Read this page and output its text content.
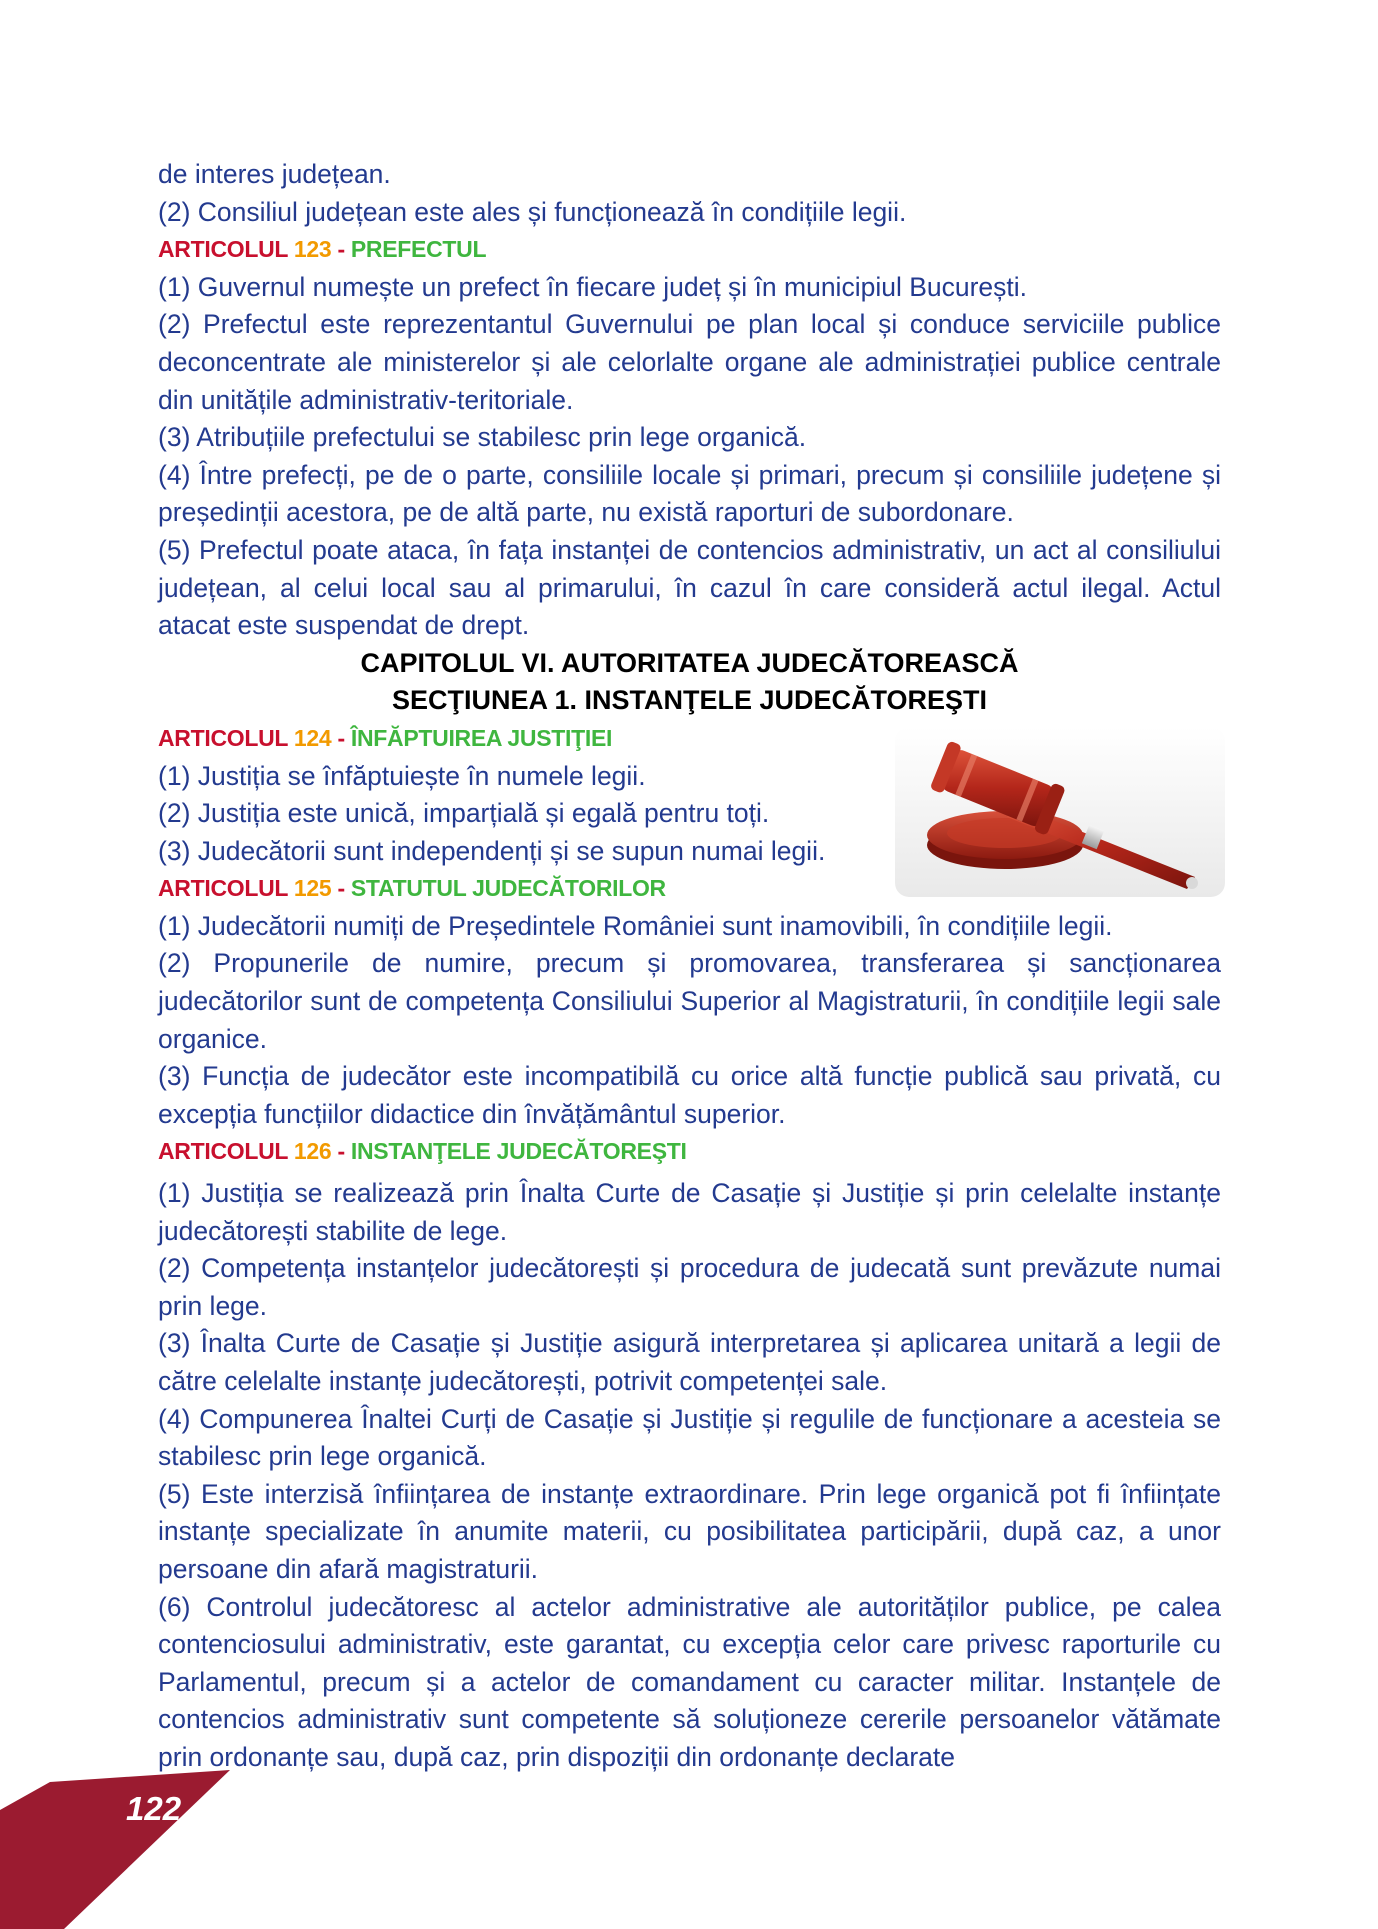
de interes județean.

(2) Consiliul județean este ales și funcționează în condițiile legii.

ARTICOLUL 123 - PREFECTUL

(1) Guvernul numește un prefect în fiecare județ și în municipiul București.

(2) Prefectul este reprezentantul Guvernului pe plan local și conduce serviciile publice deconcentrate ale ministerelor și ale celorlalte organe ale administrației publice centrale din unitățile administrativ-teritoriale.

(3) Atribuțiile prefectului se stabilesc prin lege organică.

(4) Între prefecți, pe de o parte, consiliile locale și primari, precum și consiliile județene și președinții acestora, pe de altă parte, nu există raporturi de subordonare.

(5) Prefectul poate ataca, în fața instanței de contencios administrativ, un act al consiliului județean, al celui local sau al primarului, în cazul în care consideră actul ilegal. Actul atacat este suspendat de drept.

CAPITOLUL VI. AUTORITATEA JUDECĂTOREASCĂ

SECŢIUNEA 1. INSTANŢELE JUDECĂTOREŞTI

ARTICOLUL 124 - ÎNFĂPTUIREA JUSTIŢIEI

(1) Justiția se înfăptuiește în numele legii.

(2) Justiția este unică, imparțială și egală pentru toți.

(3) Judecătorii sunt independenți și se supun numai legii.

ARTICOLUL 125 - STATUTUL JUDECĂTORILOR

(1) Judecătorii numiți de Președintele României sunt inamovibili, în condițiile legii.

(2) Propunerile de numire, precum și promovarea, transferarea și sancționarea judecătorilor sunt de competența Consiliului Superior al Magistraturii, în condițiile legii sale organice.

(3) Funcția de judecător este incompatibilă cu orice altă funcție publică sau privată, cu excepția funcțiilor didactice din învățământul superior.

ARTICOLUL 126 - INSTANŢELE JUDECĂTOREŞTI

(1) Justiția se realizează prin Înalta Curte de Casație și Justiție și prin celelalte instanțe judecătorești stabilite de lege.

(2) Competența instanțelor judecătorești și procedura de judecată sunt prevăzute numai prin lege.

(3) Înalta Curte de Casație și Justiție asigură interpretarea și aplicarea unitară a legii de către celelalte instanțe judecătorești, potrivit competenței sale.

(4) Compunerea Înaltei Curți de Casație și Justiție și regulile de funcționare a acesteia se stabilesc prin lege organică.

(5) Este interzisă înființarea de instanțe extraordinare. Prin lege organică pot fi înființate instanțe specializate în anumite materii, cu posibilitatea participării, după caz, a unor persoane din afară magistraturii.

(6) Controlul judecătoresc al actelor administrative ale autorităților publice, pe calea contenciosului administrativ, este garantat, cu excepția celor care privesc raporturile cu Parlamentul, precum și a actelor de comandament cu caracter militar. Instanțele de contencios administrativ sunt competente să soluționeze cererile persoanelor vătămate prin ordonanțe sau, după caz, prin dispoziții din ordonanțe declarate

122
